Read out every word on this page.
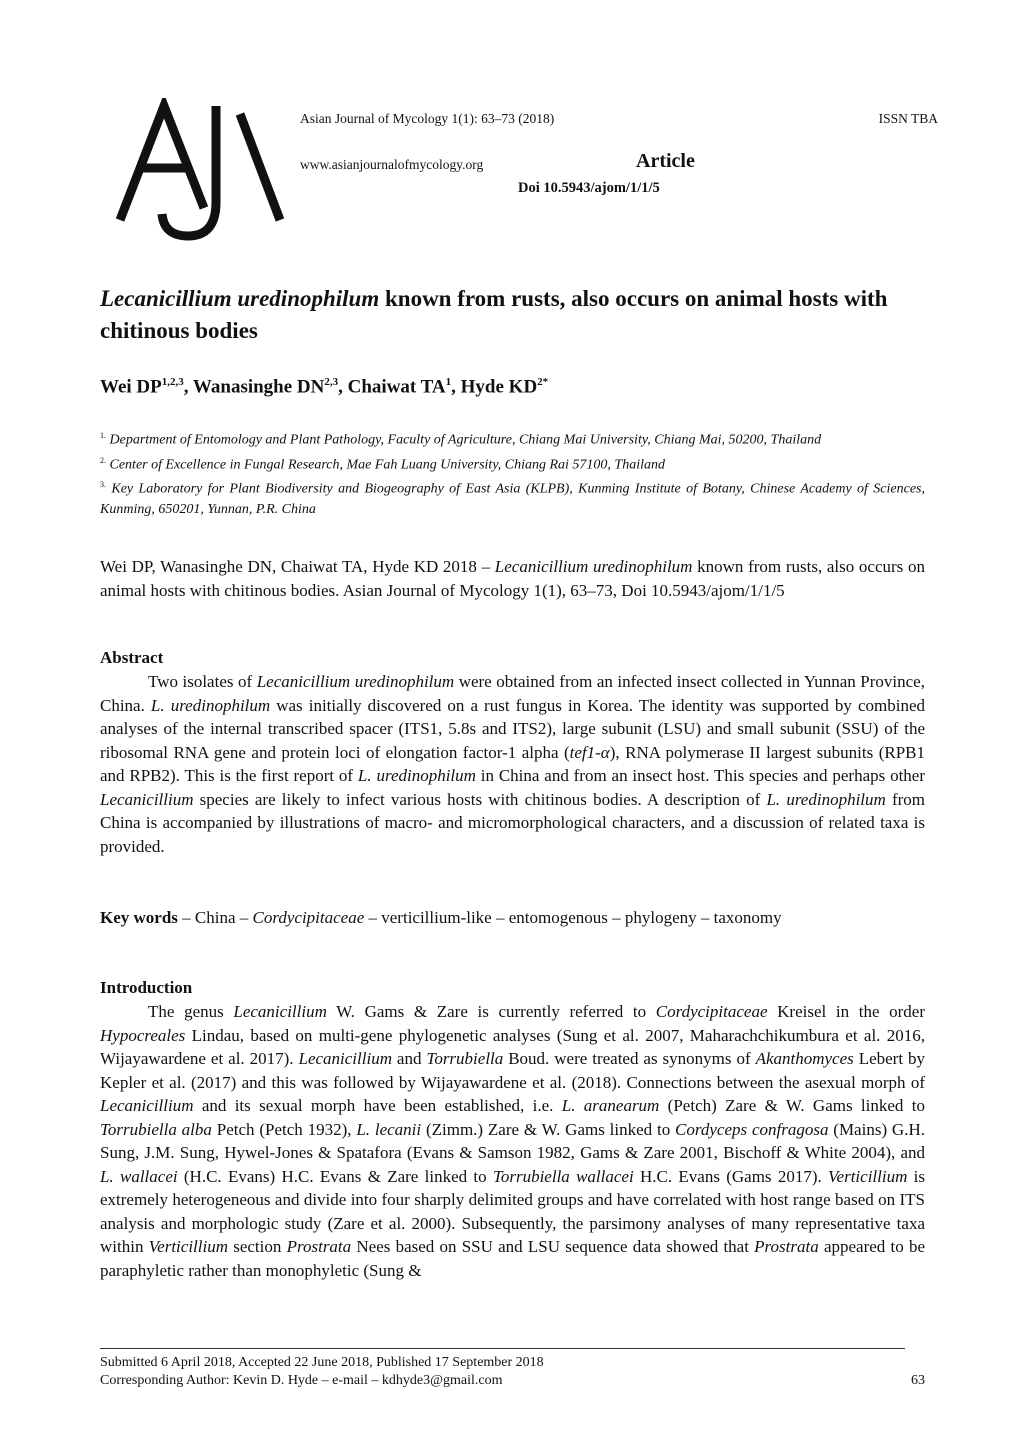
Asian Journal of Mycology 1(1): 63–73 (2018)	ISSN TBA
www.asianjournalofmycology.org	Article
Doi 10.5943/ajom/1/1/5
Lecanicillium uredinophilum known from rusts, also occurs on animal hosts with chitinous bodies
Wei DP$^{1,2,3}$, Wanasinghe DN$^{2,3}$, Chaiwat $TA^1$, Hyde $KD^{2*}$
$^{1.}$ Department of Entomology and Plant Pathology, Faculty of Agriculture, Chiang Mai University, Chiang Mai, 50200, Thailand
$^{2.}$ Center of Excellence in Fungal Research, Mae Fah Luang University, Chiang Rai 57100, Thailand
$^{3.}$ Key Laboratory for Plant Biodiversity and Biogeography of East Asia (KLPB), Kunming Institute of Botany, Chinese Academy of Sciences, Kunming, 650201, Yunnan, P.R. China
Wei DP, Wanasinghe DN, Chaiwat TA, Hyde KD 2018 – Lecanicillium uredinophilum known from rusts, also occurs on animal hosts with chitinous bodies. Asian Journal of Mycology 1(1), 63–73, Doi 10.5943/ajom/1/1/5
Abstract

Two isolates of Lecanicillium uredinophilum were obtained from an infected insect collected in Yunnan Province, China. L. uredinophilum was initially discovered on a rust fungus in Korea. The identity was supported by combined analyses of the internal transcribed spacer (ITS1, 5.8s and ITS2), large subunit (LSU) and small subunit (SSU) of the ribosomal RNA gene and protein loci of elongation factor-1 alpha (tef1-α), RNA polymerase II largest subunits (RPB1 and RPB2). This is the first report of L. uredinophilum in China and from an insect host. This species and perhaps other Lecanicillium species are likely to infect various hosts with chitinous bodies. A description of L. uredinophilum from China is accompanied by illustrations of macro- and micromorphological characters, and a discussion of related taxa is provided.

Key words – China – Cordycipitaceae – verticillium-like – entomogenous – phylogeny – taxonomy
Introduction

The genus Lecanicillium W. Gams & Zare is currently referred to Cordycipitaceae Kreisel in the order Hypocreales Lindau, based on multi-gene phylogenetic analyses (Sung et al. 2007, Maharachchikumbura et al. 2016, Wijayawardene et al. 2017). Lecanicillium and Torrubiella Boud. were treated as synonyms of Akanthomyces Lebert by Kepler et al. (2017) and this was followed by Wijayawardene et al. (2018). Connections between the asexual morph of Lecanicillium and its sexual morph have been established, i.e. L. aranearum (Petch) Zare & W. Gams linked to Torrubiella alba Petch (Petch 1932), L. lecanii (Zimm.) Zare & W. Gams linked to Cordyceps confragosa (Mains) G.H. Sung, J.M. Sung, Hywel-Jones & Spatafora (Evans & Samson 1982, Gams & Zare 2001, Bischoff & White 2004), and L. wallacei (H.C. Evans) H.C. Evans & Zare linked to Torrubiella wallacei H.C. Evans (Gams 2017). Verticillium is extremely heterogeneous and divide into four sharply delimited groups and have correlated with host range based on ITS analysis and morphologic study (Zare et al. 2000). Subsequently, the parsimony analyses of many representative taxa within Verticillium section Prostrata Nees based on SSU and LSU sequence data showed that Prostrata appeared to be paraphyletic rather than monophyletic (Sung &

Submitted 6 April 2018, Accepted 22 June 2018, Published 17 September 2018
Corresponding Author: Kevin D. Hyde – e-mail – kdhyde3@gmail.com	63
